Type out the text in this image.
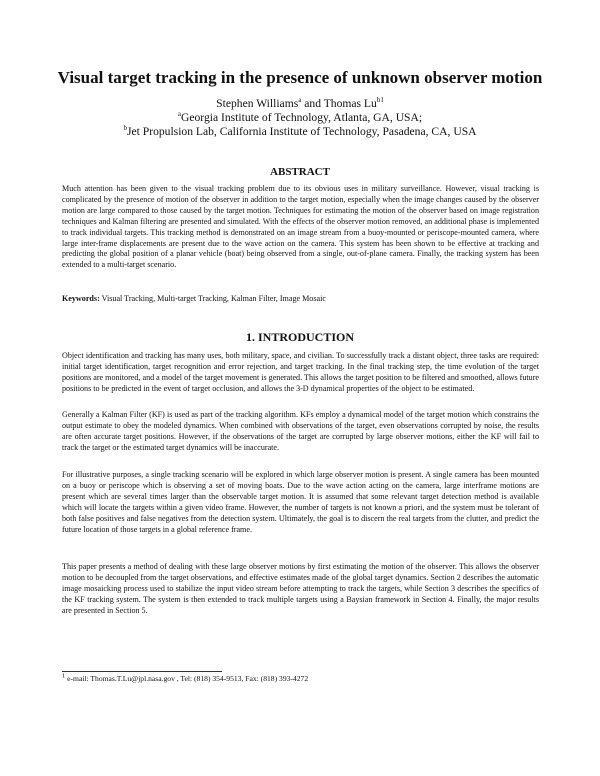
Visual target tracking in the presence of unknown observer motion
Stephen Williams$^a$ and Thomas $Lu^{b1}$
$^a$Georgia Institute of Technology, Atlanta, GA, USA;
$^b$Jet Propulsion Lab, California Institute of Technology, Pasadena, CA, USA
ABSTRACT

Much attention has been given to the visual tracking problem due to its obvious uses in military surveillance. However, visual tracking is complicated by the presence of motion of the observer in addition to the target motion, especially when the image changes caused by the observer motion are large compared to those caused by the target motion. Techniques for estimating the motion of the observer based on image registration techniques and Kalman filtering are presented and simulated. With the effects of the observer motion removed, an additional phase is implemented to track individual targets. This tracking method is demonstrated on an image stream from a buoy-mounted or periscope-mounted camera, where large inter-frame displacements are present due to the wave action on the camera. This system has been shown to be effective at tracking and predicting the global position of a planar vehicle (boat) being observed from a single, out-of-plane camera. Finally, the tracking system has been extended to a multi-target scenario.

Keywords: Visual Tracking, Multi-target Tracking, Kalman Filter, Image Mosaic

1. INTRODUCTION

Object identification and tracking has many uses, both military, space, and civilian. To successfully track a distant object, three tasks are required: initial target identification, target recognition and error rejection, and target tracking. In the final tracking step, the time evolution of the target positions are monitored, and a model of the target movement is generated. This allows the target position to be filtered and smoothed, allows future positions to be predicted in the event of target occlusion, and allows the 3-D dynamical properties of the object to be estimated.

Generally a Kalman Filter (KF) is used as part of the tracking algorithm. KFs employ a dynamical model of the target motion which constrains the output estimate to obey the modeled dynamics. When combined with observations of the target, even observations corrupted by noise, the results are often accurate target positions. However, if the observations of the target are corrupted by large observer motions, either the KF will fail to track the target or the estimated target dynamics will be inaccurate.

For illustrative purposes, a single tracking scenario will be explored in which large observer motion is present. A single camera has been mounted on a buoy or periscope which is observing a set of moving boats. Due to the wave action acting on the camera, large interframe motions are present which are several times larger than the observable target motion. It is assumed that some relevant target detection method is available which will locate the targets within a given video frame. However, the number of targets is not known a priori, and the system must be tolerant of both false positives and false negatives from the detection system. Ultimately, the goal is to discern the real targets from the clutter, and predict the future location of those targets in a global reference frame.

This paper presents a method of dealing with these large observer motions by first estimating the motion of the observer. This allows the observer motion to be decoupled from the target observations, and effective estimates made of the global target dynamics. Section 2 describes the automatic image mosaicking process used to stabilize the input video stream before attempting to track the targets, while Section 3 describes the specifics of the KF tracking system. The system is then extended to track multiple targets using a Baysian framework in Section 4. Finally, the major results are presented in Section 5.

$^1$ e-mail: Thomas.T.Lu@jpl.nasa.gov , Tel: (818) 354-9513, Fax: (818) 393-4272
